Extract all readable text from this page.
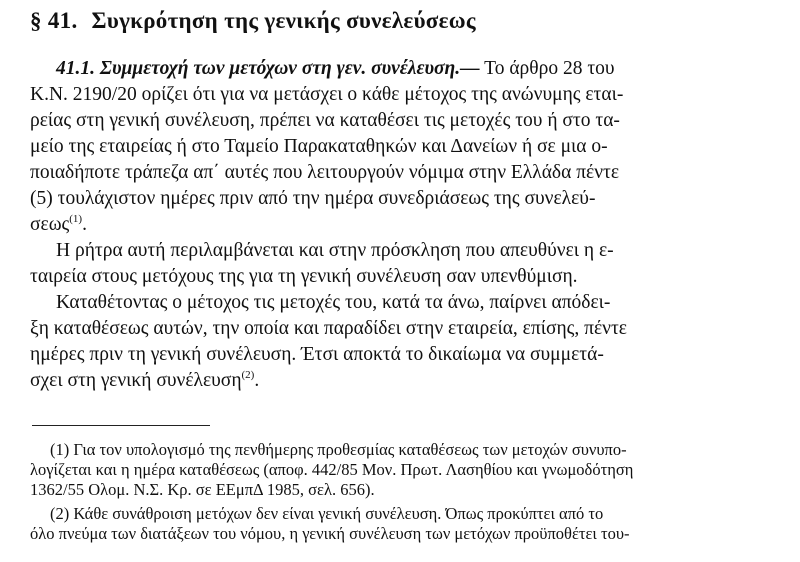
§ 41. Συγκρότηση της γενικής συνελεύσεως
41.1. Συμμετοχή των μετόχων στη γεν. συνέλευση.— Το άρθρο 28 του
Κ.Ν. 2190/20 ορίζει ότι για να μετάσχει ο κάθε μέτοχος της ανώνυμης εται-
ρείας στη γενική συνέλευση, πρέπει να καταθέσει τις μετοχές του ή στο τα-
μείο της εταιρείας ή στο Ταμείο Παρακαταθηκών και Δανείων ή σε μια ο-
ποιαδήποτε τράπεζα απ΄ αυτές που λειτουργούν νόμιμα στην Ελλάδα πέντε
(5) τουλάχιστον ημέρες πριν από την ημέρα συνεδριάσεως της συνελεύ-
σεως$^{(1)}$.
Η ρήτρα αυτή περιλαμβάνεται και στην πρόσκληση που απευθύνει η ε-
ταιρεία στους μετόχους της για τη γενική συνέλευση σαν υπενθύμιση.
Καταθέτοντας ο μέτοχος τις μετοχές του, κατά τα άνω, παίρνει απόδει-
ξη καταθέσεως αυτών, την οποία και παραδίδει στην εταιρεία, επίσης, πέντε
ημέρες πριν τη γενική συνέλευση. Έτσι αποκτά το δικαίωμα να συμμετά-
σχει στη γενική συνέλευση$^{(2)}$.
(1) Για τον υπολογισμό της πενθήμερης προθεσμίας καταθέσεως των μετοχών συνυπο-
λογίζεται και η ημέρα καταθέσεως (αποφ. 442/85 Μον. Πρωτ. Λασηθίου και γνωμοδότηση
1362/55 Ολομ. Ν.Σ. Κρ. σε ΕΕμπΔ 1985, σελ. 656).
(2) Κάθε συνάθροιση μετόχων δεν είναι γενική συνέλευση. Όπως προκύπτει από το
όλο πνεύμα των διατάξεων του νόμου, η γενική συνέλευση των μετόχων προϋποθέτει του-
